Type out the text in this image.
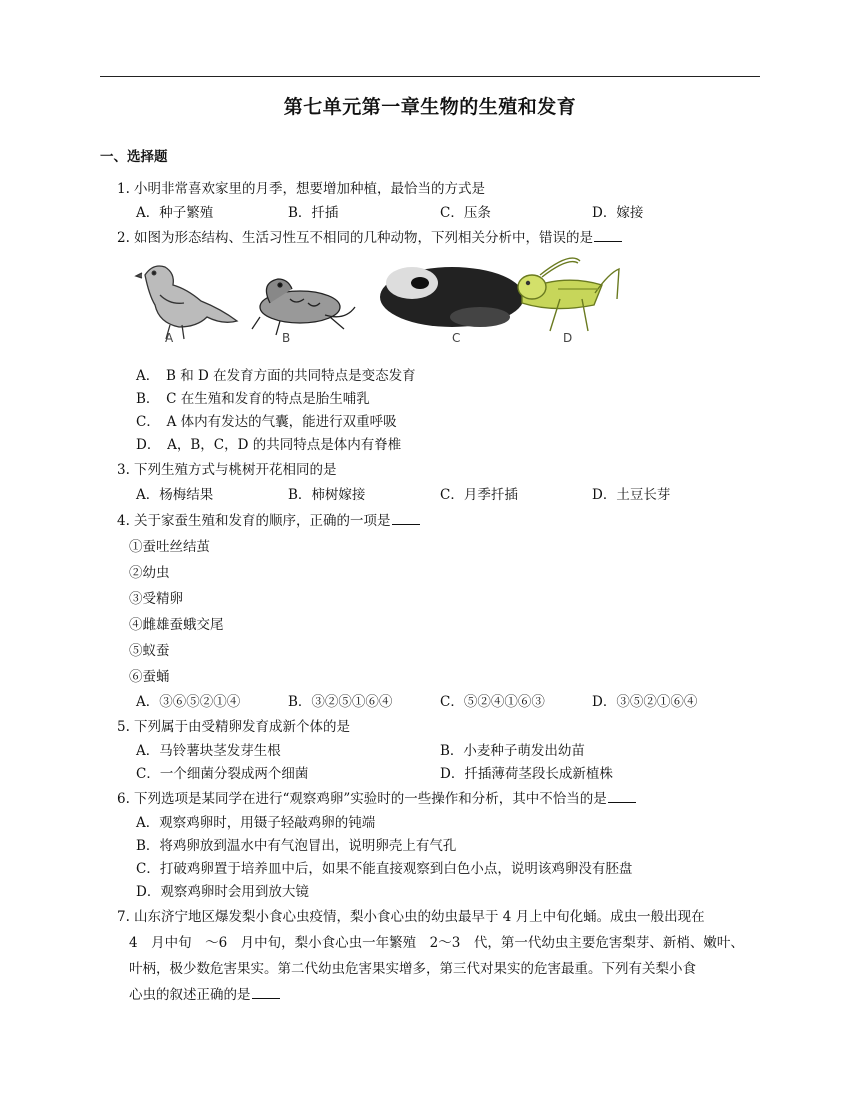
第七单元第一章生物的生殖和发育
一、选择题
1. 小明非常喜欢家里的月季，想要增加种植，最恰当的方式是
A．种子繁殖	B．扦插	C．压条	D．嫁接
2. 如图为形态结构、生活习性互不相同的几种动物，下列相关分析中，错误的是
A	B	C	D
A．　B 和 D 在发育方面的共同特点是变态发育
B．　C 在生殖和发育的特点是胎生哺乳
C．　A 体内有发达的气囊，能进行双重呼吸
D．　A，B，C，D 的共同特点是体内有脊椎
3. 下列生殖方式与桃树开花相同的是
A．杨梅结果	B．柿树嫁接	C．月季扦插	D．土豆长芽
4. 关于家蚕生殖和发育的顺序，正确的一项是
①蚕吐丝结茧
②幼虫
③受精卵
④雌雄蚕蛾交尾
⑤蚁蚕
⑥蚕蛹
A．③⑥⑤②①④	B．③②⑤①⑥④	C．⑤②④①⑥③	D．③⑤②①⑥④
5. 下列属于由受精卵发育成新个体的是
A．马铃薯块茎发芽生根	B．小麦种子萌发出幼苗
C．一个细菌分裂成两个细菌	D．扦插薄荷茎段长成新植株
6. 下列选项是某同学在进行“观察鸡卵”实验时的一些操作和分析，其中不恰当的是
A．观察鸡卵时，用镊子轻敲鸡卵的钝端
B．将鸡卵放到温水中有气泡冒出，说明卵壳上有气孔
C．打破鸡卵置于培养皿中后，如果不能直接观察到白色小点，说明该鸡卵没有胚盘
D．观察鸡卵时会用到放大镜
7. 山东济宁地区爆发梨小食心虫疫情，梨小食心虫的幼虫最早于 4 月上中旬化蛹。成虫一般出现在
4　月中旬　～6　月中旬，梨小食心虫一年繁殖　2～3　代，第一代幼虫主要危害梨芽、新梢、嫩叶、
叶柄，极少数危害果实。第二代幼虫危害果实增多，第三代对果实的危害最重。下列有关梨小食
心虫的叙述正确的是
